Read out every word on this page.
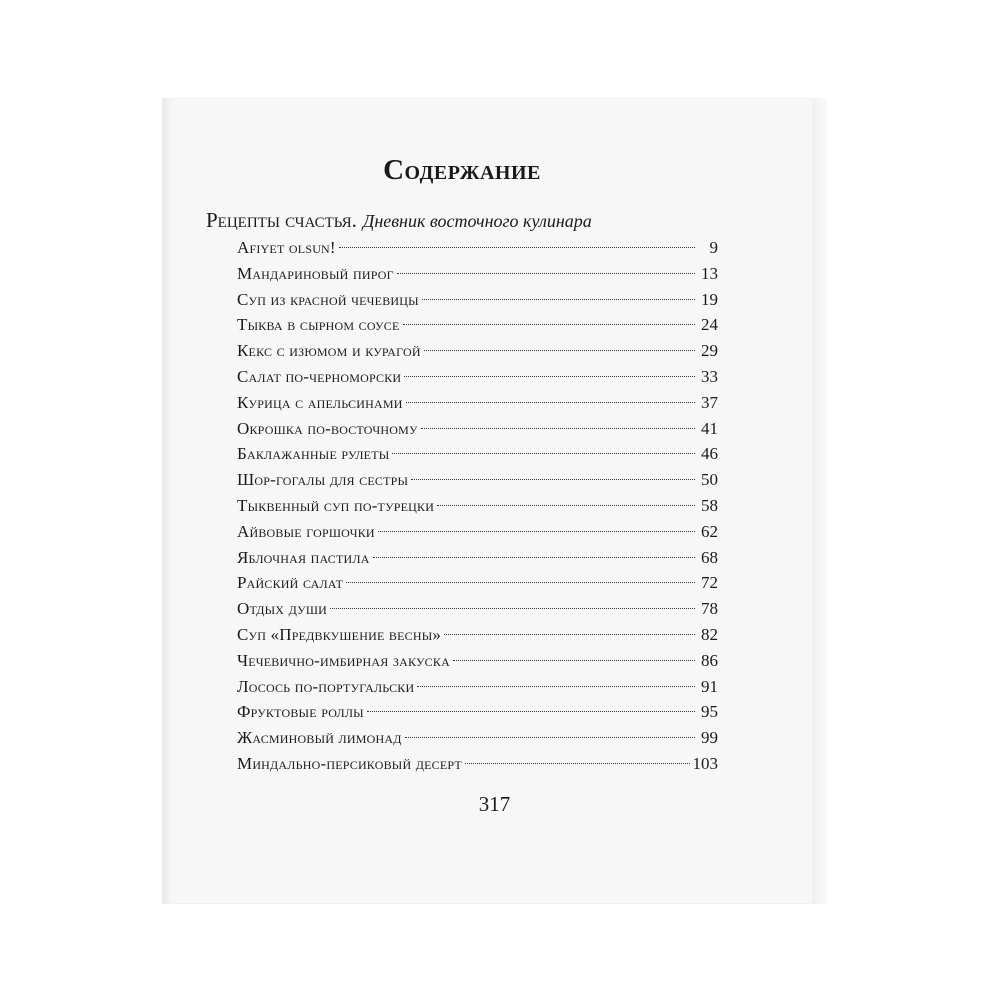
Содержание
Рецепты счастья. Дневник восточного кулинара
Afiyet olsun!	9
Мандариновый пирог	13
Суп из красной чечевицы	19
Тыква в сырном соусе	24
Кекс с изюмом и курагой	29
Салат по-черноморски	33
Курица с апельсинами	37
Окрошка по-восточному	41
Баклажанные рулеты	46
Шор-гогалы для сестры	50
Тыквенный суп по-турецки	58
Айвовые горшочки	62
Яблочная пастила	68
Райский салат	72
Отдых души	78
Суп «Предвкушение весны»	82
Чечевично-имбирная закуска	86
Лосось по-португальски	91
Фруктовые роллы	95
Жасминовый лимонад	99
Миндально-персиковый десерт	103
317
